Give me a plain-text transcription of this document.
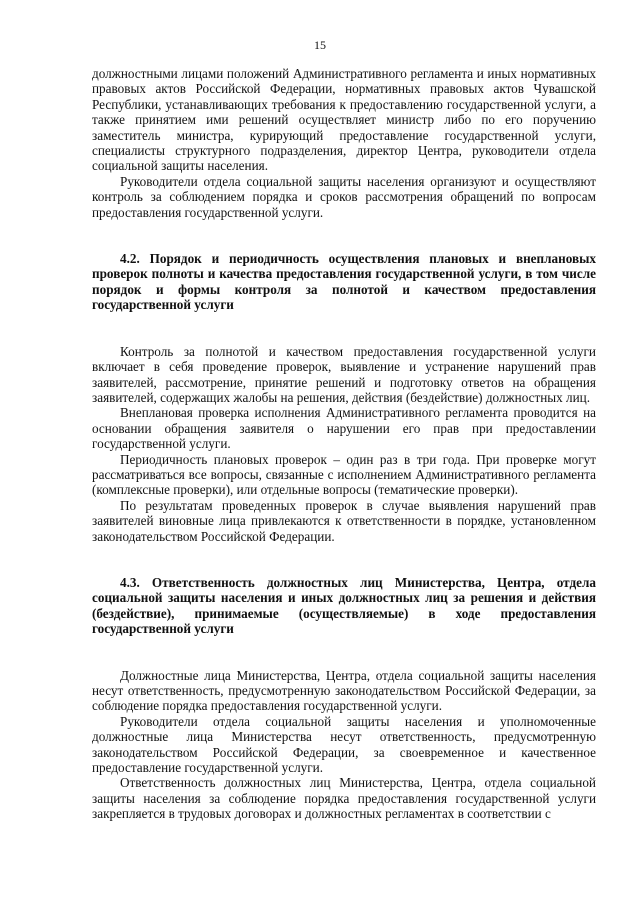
15

должностными лицами положений Административного регламента и иных нормативных правовых актов Российской Федерации, нормативных правовых актов Чувашской Республики, устанавливающих требования к предоставлению государственной услуги, а также принятием ими решений осуществляет министр либо по его поручению заместитель министра, курирующий предоставление государственной услуги, специалисты структурного подразделения, директор Центра, руководители отдела социальной защиты населения.

Руководители отдела социальной защиты населения организуют и осуществляют контроль за соблюдением порядка и сроков рассмотрения обращений по вопросам предоставления государственной услуги.

4.2. Порядок и периодичность осуществления плановых и внеплановых проверок полноты и качества предоставления государственной услуги, в том числе порядок и формы контроля за полнотой и качеством предоставления государственной услуги

Контроль за полнотой и качеством предоставления государственной услуги включает в себя проведение проверок, выявление и устранение нарушений прав заявителей, рассмотрение, принятие решений и подготовку ответов на обращения заявителей, содержащих жалобы на решения, действия (бездействие) должностных лиц.

Внеплановая проверка исполнения Административного регламента проводится на основании обращения заявителя о нарушении его прав при предоставлении государственной услуги.

Периодичность плановых проверок – один раз в три года. При проверке могут рассматриваться все вопросы, связанные с исполнением Административного регламента (комплексные проверки), или отдельные вопросы (тематические проверки).

По результатам проведенных проверок в случае выявления нарушений прав заявителей виновные лица привлекаются к ответственности в порядке, установленном законодательством Российской Федерации.

4.3. Ответственность должностных лиц Министерства, Центра, отдела социальной защиты населения и иных должностных лиц за решения и действия (бездействие), принимаемые (осуществляемые) в ходе предоставления государственной услуги

Должностные лица Министерства, Центра, отдела социальной защиты населения несут ответственность, предусмотренную законодательством Российской Федерации, за соблюдение порядка предоставления государственной услуги.

Руководители отдела социальной защиты населения и уполномоченные должностные лица Министерства несут ответственность, предусмотренную законодательством Российской Федерации, за своевременное и качественное предоставление государственной услуги.

Ответственность должностных лиц Министерства, Центра, отдела социальной защиты населения за соблюдение порядка предоставления государственной услуги закрепляется в трудовых договорах и должностных регламентах в соответствии с
